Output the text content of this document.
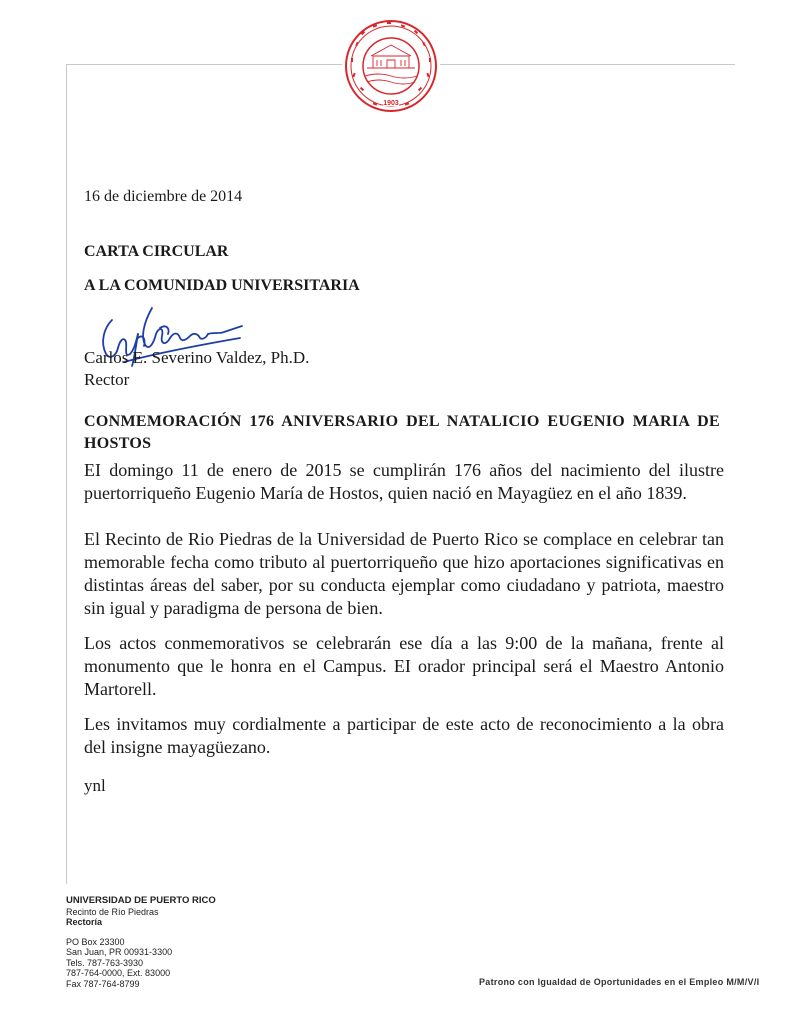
1903
16 de diciembre de 2014
CARTA CIRCULAR
A LA COMUNIDAD UNIVERSITARIA
Carlos E. Severino Valdez, Ph.D.
Rector
CONMEMORACIÓN 176 ANIVERSARIO DEL NATALICIO EUGENIO MARIA DE HOSTOS
EI domingo 11 de enero de 2015 se cumplirán 176 años del nacimiento del ilustre puertorriqueño Eugenio María de Hostos, quien nació en Mayagüez en el año 1839.
El Recinto de Rio Piedras de la Universidad de Puerto Rico se complace en celebrar tan memorable fecha como tributo al puertorriqueño que hizo aportaciones significativas en distintas áreas del saber, por su conducta ejemplar como ciudadano y patriota, maestro sin igual y paradigma de persona de bien.
Los actos conmemorativos se celebrarán ese día a las 9:00 de la mañana, frente al monumento que le honra en el Campus. EI orador principal será el Maestro Antonio Martorell.
Les invitamos muy cordialmente a participar de este acto de reconocimiento a la obra del insigne mayagüezano.
ynl
UNIVERSIDAD DE PUERTO RICO
Recinto de Río Piedras
Rectoría
PO Box 23300
San Juan, PR 00931-3300
Tels. 787-763-3930
787-764-0000, Ext. 83000
Fax 787-764-8799	Patrono con Igualdad de Oportunidades en el Empleo M/M/V/I
